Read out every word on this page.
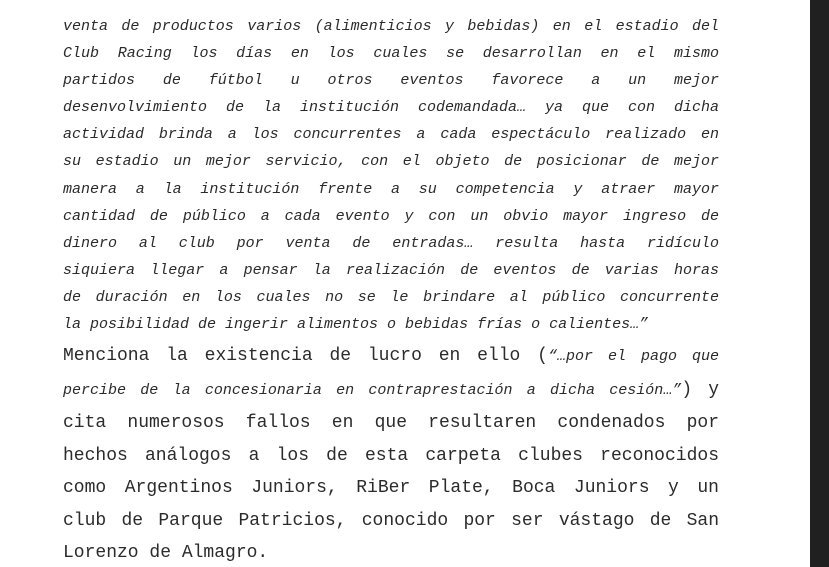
venta de productos varios (alimenticios y bebidas) en el estadio del
Club Racing los días en los cuales se desarrollan en el mismo
partidos de fútbol u otros eventos favorece a un mejor
desenvolvimiento de la institución codemandada… ya que con dicha
actividad brinda a los concurrentes a cada espectáculo realizado en
su estadio un mejor servicio, con el objeto de posicionar de mejor
manera a la institución frente a su competencia y atraer mayor
cantidad de público a cada evento y con un obvio mayor ingreso de
dinero al club por venta de entradas… resulta hasta ridículo
siquiera llegar a pensar la realización de eventos de varias horas
de duración en los cuales no se le brindare al público concurrente
la posibilidad de ingerir alimentos o bebidas frías o calientes…”
Menciona la existencia de lucro en ello (“…por el pago que
percibe de la concesionaria en contraprestación a dicha cesión…”) y
cita numerosos fallos en que resultaren condenados por
hechos análogos a los de esta carpeta clubes reconocidos
como Argentinos Juniors, RiBer Plate, Boca Juniors y un
club de Parque Patricios, conocido por ser vástago de San
Lorenzo de Almagro.
